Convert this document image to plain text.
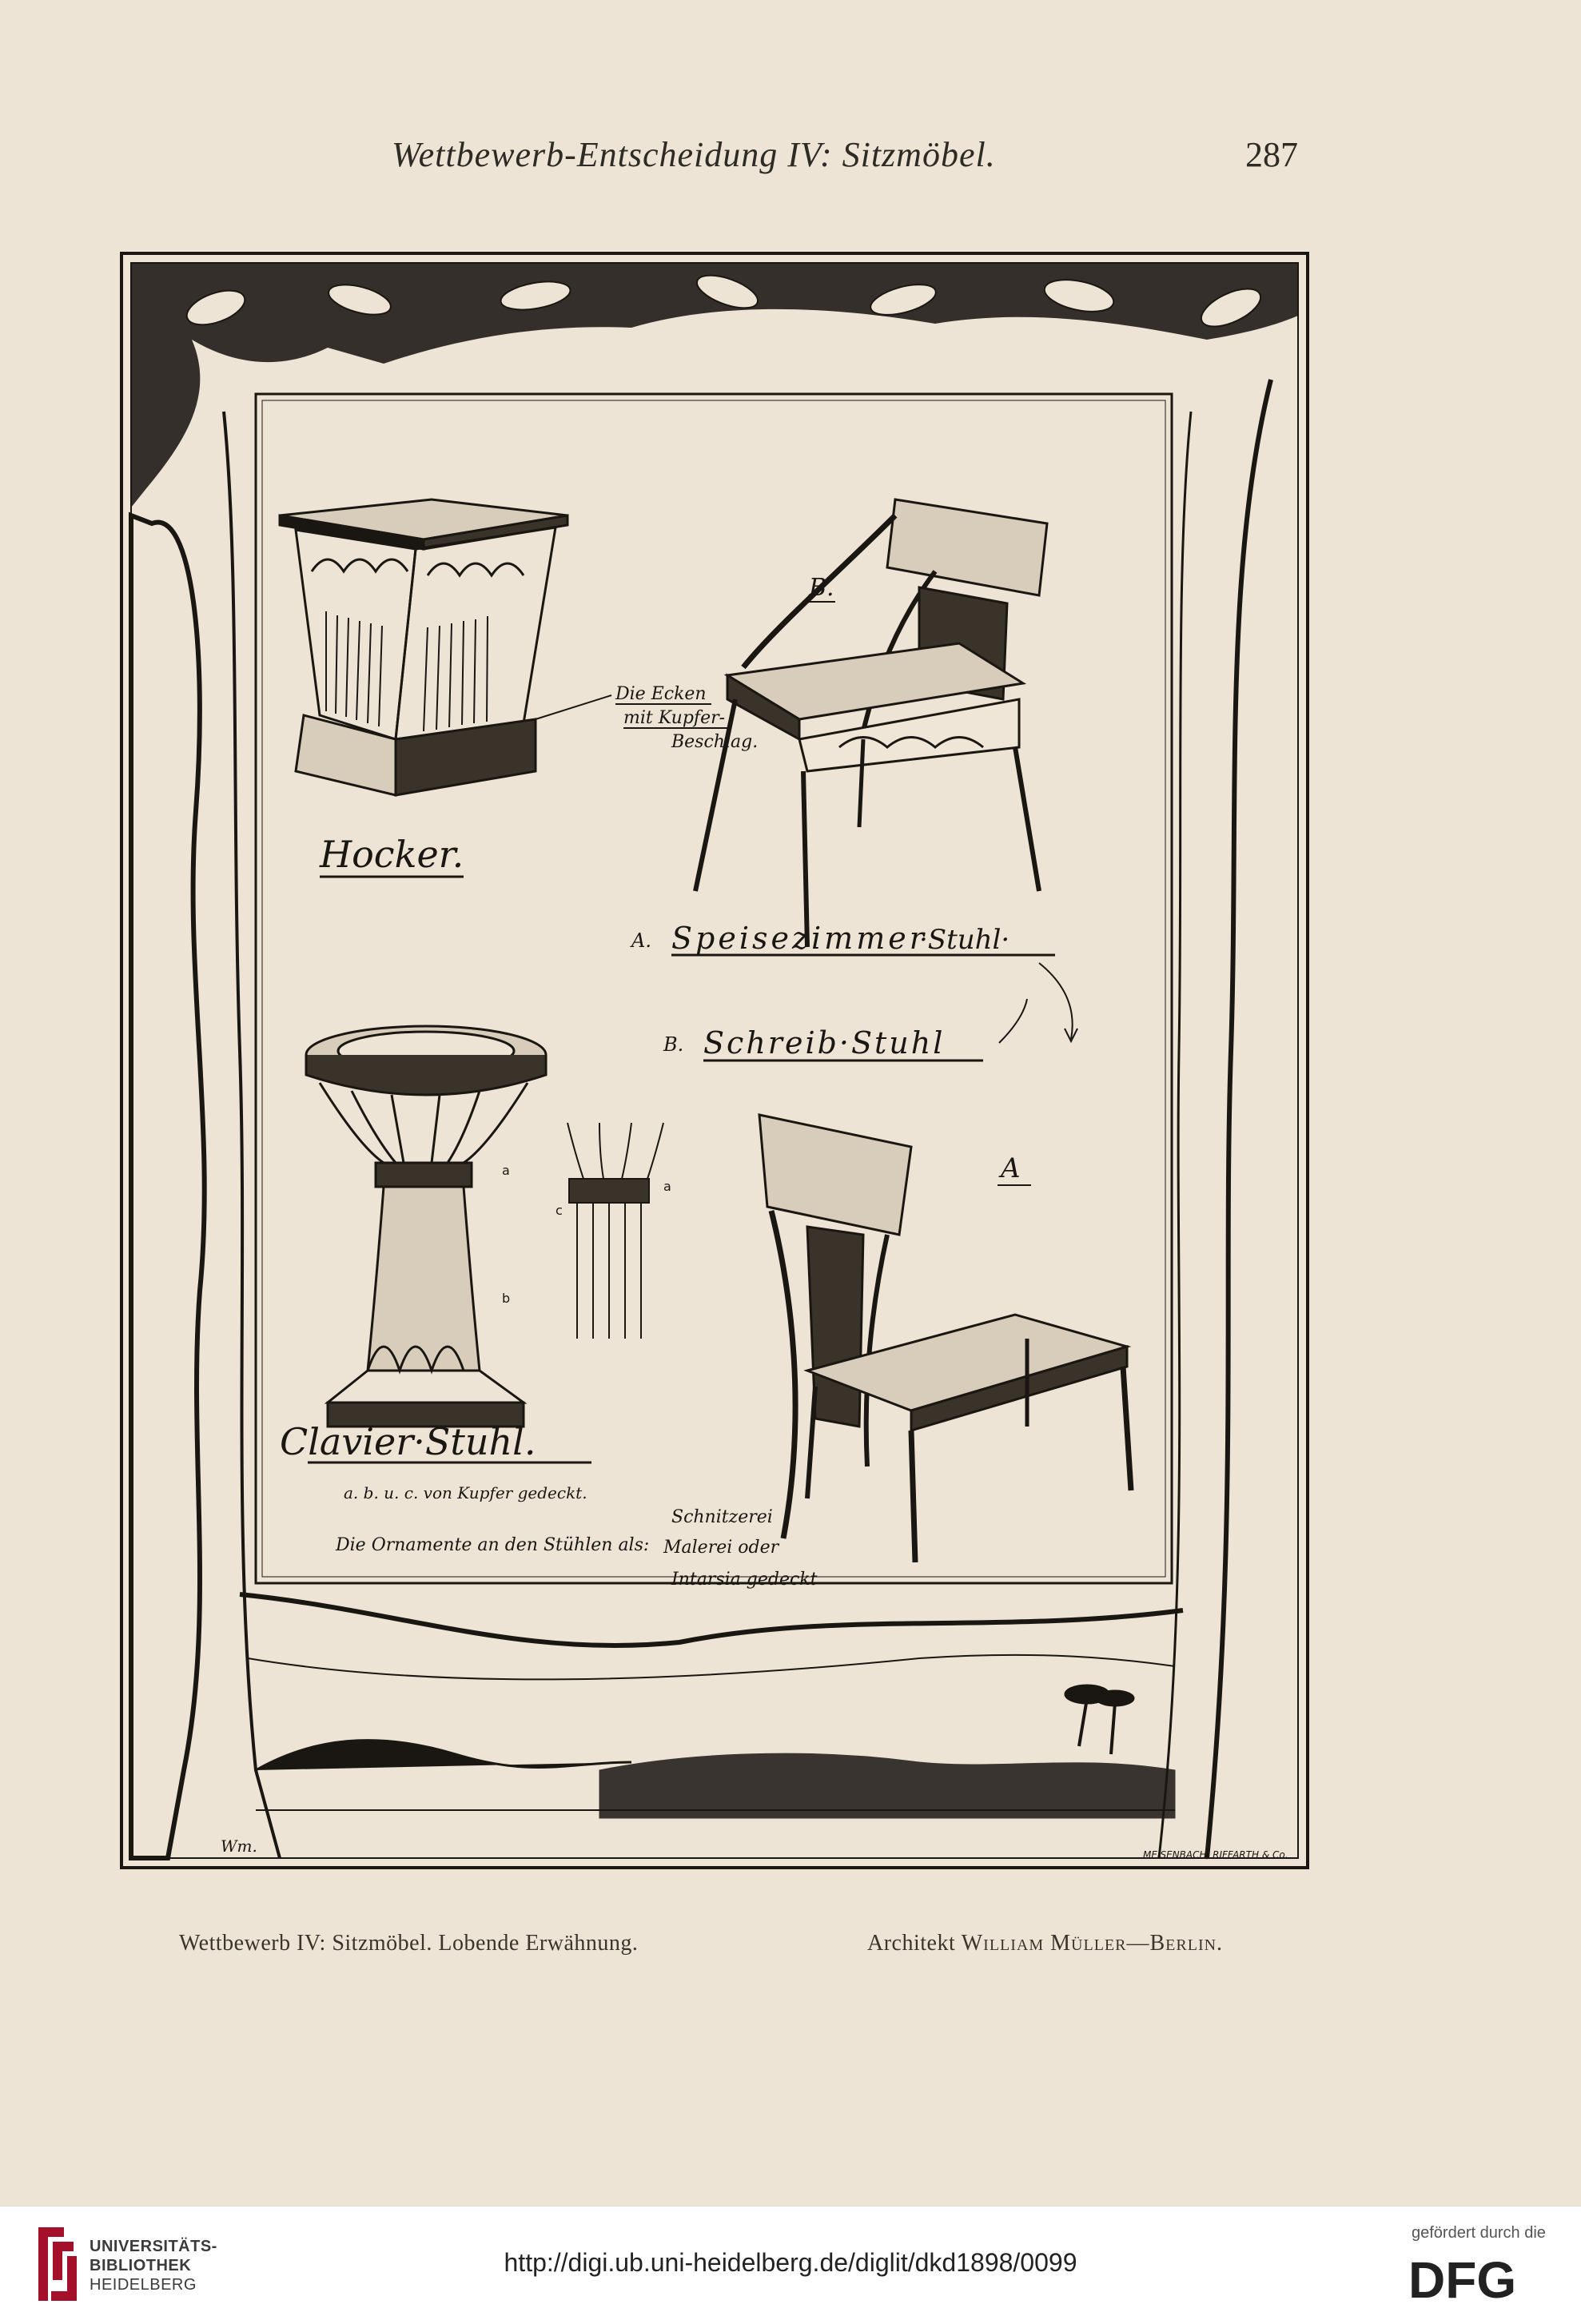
Wettbewerb-Entscheidung IV: Sitzmöbel.	287
Die Ecken
mit Kupfer-
Beschlag.
Hocker.
B.
A. Speisezimmer
·Stuhl·
B. Schreib·Stuhl
a
b
a
c
A
Clavier·Stuhl.
a. b. u. c. von Kupfer gedeckt.
Die Ornamente an den Stühlen als:
Schnitzerei
Malerei oder
Intarsia gedeckt
Wm.	MEISENBACH, RIFFARTH & Co.
Wettbewerb IV: Sitzmöbel. Lobende Erwähnung.	Architekt William Müller—Berlin.
UNIVERSITÄTS-
BIBLIOTHEK
HEIDELBERG
http://digi.ub.uni-heidelberg.de/diglit/dkd1898/0099
gefördert durch die
DFG
